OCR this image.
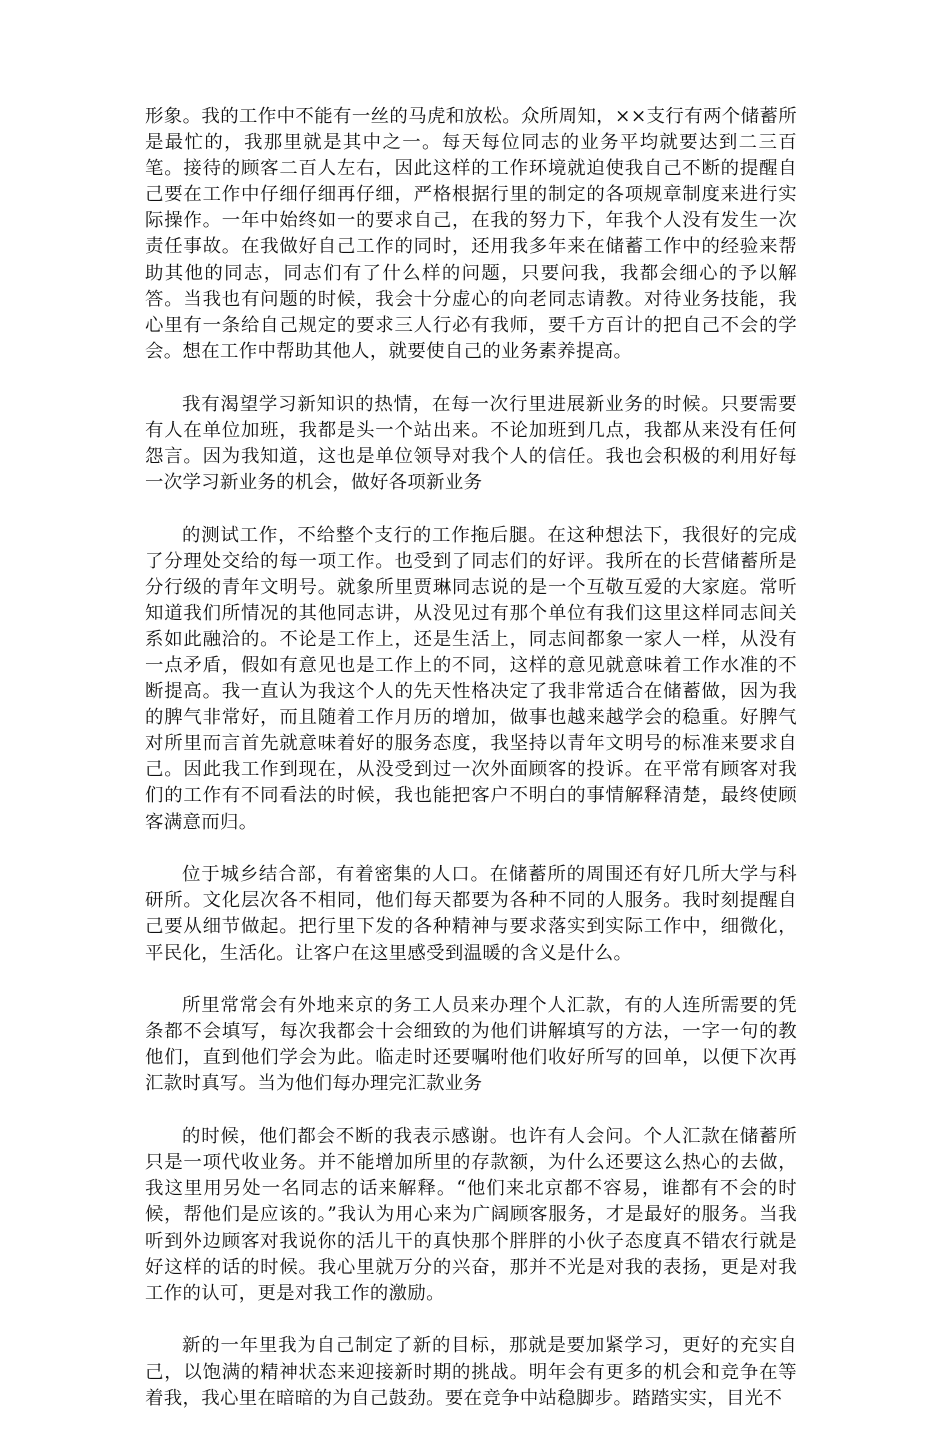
形象。我的工作中不能有一丝的马虎和放松。众所周知，××支行有两个储蓄所是最忙的，我那里就是其中之一。每天每位同志的业务平均就要达到二三百笔。接待的顾客二百人左右，因此这样的工作环境就迫使我自己不断的提醒自己要在工作中仔细仔细再仔细，严格根据行里的制定的各项规章制度来进行实际操作。一年中始终如一的要求自己，在我的努力下，年我个人没有发生一次责任事故。在我做好自己工作的同时，还用我多年来在储蓄工作中的经验来帮助其他的同志，同志们有了什么样的问题，只要问我，我都会细心的予以解答。当我也有问题的时候，我会十分虚心的向老同志请教。对待业务技能，我心里有一条给自己规定的要求三人行必有我师，要千方百计的把自己不会的学会。想在工作中帮助其他人，就要使自己的业务素养提高。

我有渴望学习新知识的热情，在每一次行里进展新业务的时候。只要需要有人在单位加班，我都是头一个站出来。不论加班到几点，我都从来没有任何怨言。因为我知道，这也是单位领导对我个人的信任。我也会积极的利用好每一次学习新业务的机会，做好各项新业务

的测试工作，不给整个支行的工作拖后腿。在这种想法下，我很好的完成了分理处交给的每一项工作。也受到了同志们的好评。我所在的长营储蓄所是分行级的青年文明号。就象所里贾琳同志说的是一个互敬互爱的大家庭。常听知道我们所情况的其他同志讲，从没见过有那个单位有我们这里这样同志间关系如此融洽的。不论是工作上，还是生活上，同志间都象一家人一样，从没有一点矛盾，假如有意见也是工作上的不同，这样的意见就意味着工作水准的不断提高。我一直认为我这个人的先天性格决定了我非常适合在储蓄做，因为我的脾气非常好，而且随着工作月历的增加，做事也越来越学会的稳重。好脾气对所里而言首先就意味着好的服务态度，我坚持以青年文明号的标准来要求自己。因此我工作到现在，从没受到过一次外面顾客的投诉。在平常有顾客对我们的工作有不同看法的时候，我也能把客户不明白的事情解释清楚，最终使顾客满意而归。

位于城乡结合部，有着密集的人口。在储蓄所的周围还有好几所大学与科研所。文化层次各不相同，他们每天都要为各种不同的人服务。我时刻提醒自己要从细节做起。把行里下发的各种精神与要求落实到实际工作中，细微化，平民化，生活化。让客户在这里感受到温暖的含义是什么。

所里常常会有外地来京的务工人员来办理个人汇款，有的人连所需要的凭条都不会填写，每次我都会十会细致的为他们讲解填写的方法，一字一句的教他们，直到他们学会为此。临走时还要嘱咐他们收好所写的回单，以便下次再汇款时真写。当为他们每办理完汇款业务

的时候，他们都会不断的我表示感谢。也许有人会问。个人汇款在储蓄所只是一项代收业务。并不能增加所里的存款额，为什么还要这么热心的去做，我这里用另处一名同志的话来解释。“他们来北京都不容易，谁都有不会的时候，帮他们是应该的。”我认为用心来为广阔顾客服务，才是最好的服务。当我听到外边顾客对我说你的活儿干的真快那个胖胖的小伙子态度真不错农行就是好这样的话的时候。我心里就万分的兴奋，那并不光是对我的表扬，更是对我工作的认可，更是对我工作的激励。

新的一年里我为自己制定了新的目标，那就是要加紧学习，更好的充实自己，以饱满的精神状态来迎接新时期的挑战。明年会有更多的机会和竞争在等着我，我心里在暗暗的为自己鼓劲。要在竞争中站稳脚步。踏踏实实，目光不
